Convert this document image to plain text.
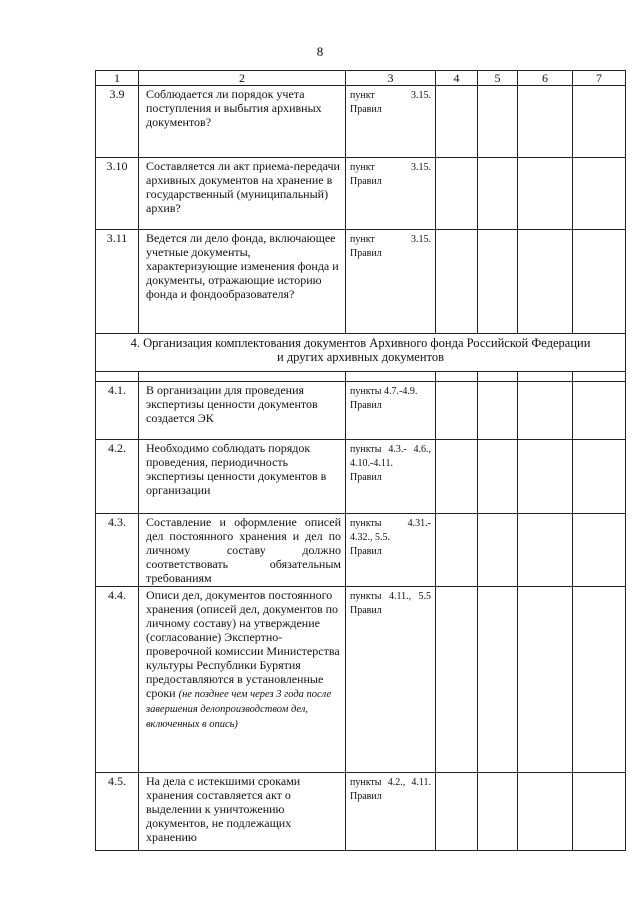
8
1	2	3	4	5	6	7
3.9	Соблюдается ли порядок учета поступления и выбытия архивных документов?	пункт 3.15.
Правил				

3.10	Составляется ли акт приема-передачи архивных документов на хранение в государственный (муниципальный) архив?	пункт 3.15.
Правил				

3.11	Ведется ли дело фонда, включающее учетные документы, характеризующие изменения фонда и документы, отражающие историю фонда и фондообразователя?	пункт 3.15.
Правил				

4. Организация комплектования документов Архивного фонда Российской Федерации
и других архивных документов						

4.1.	В организации для проведения экспертизы ценности документов создается ЭК	пункты 4.7.-4.9.
Правил				

4.2.	Необходимо соблюдать порядок проведения, периодичность экспертизы ценности документов в организации	пункты 4.3.- 4.6., 4.10.-4.11.
Правил				

4.3.	Составление и оформление описей дел постоянного хранения и дел по личному составу должно соответствовать обязательным требованиям	пункты 4.31.- 4.32., 5.5.
Правил				

4.4.	Описи дел, документов постоянного хранения (описей дел, документов по личному составу) на утверждение (согласование) Экспертно-проверочной комиссии Министерства культуры Республики Бурятия предоставляются в установленные сроки (не позднее чем через 3 года после завершения делопроизводством дел, включенных в опись)	пункты 4.11., 5.5 Правил				

4.5.	На дела с истекшими сроками хранения составляется акт о выделении к уничтожению документов, не подлежащих хранению	пункты 4.2., 4.11. Правил				
